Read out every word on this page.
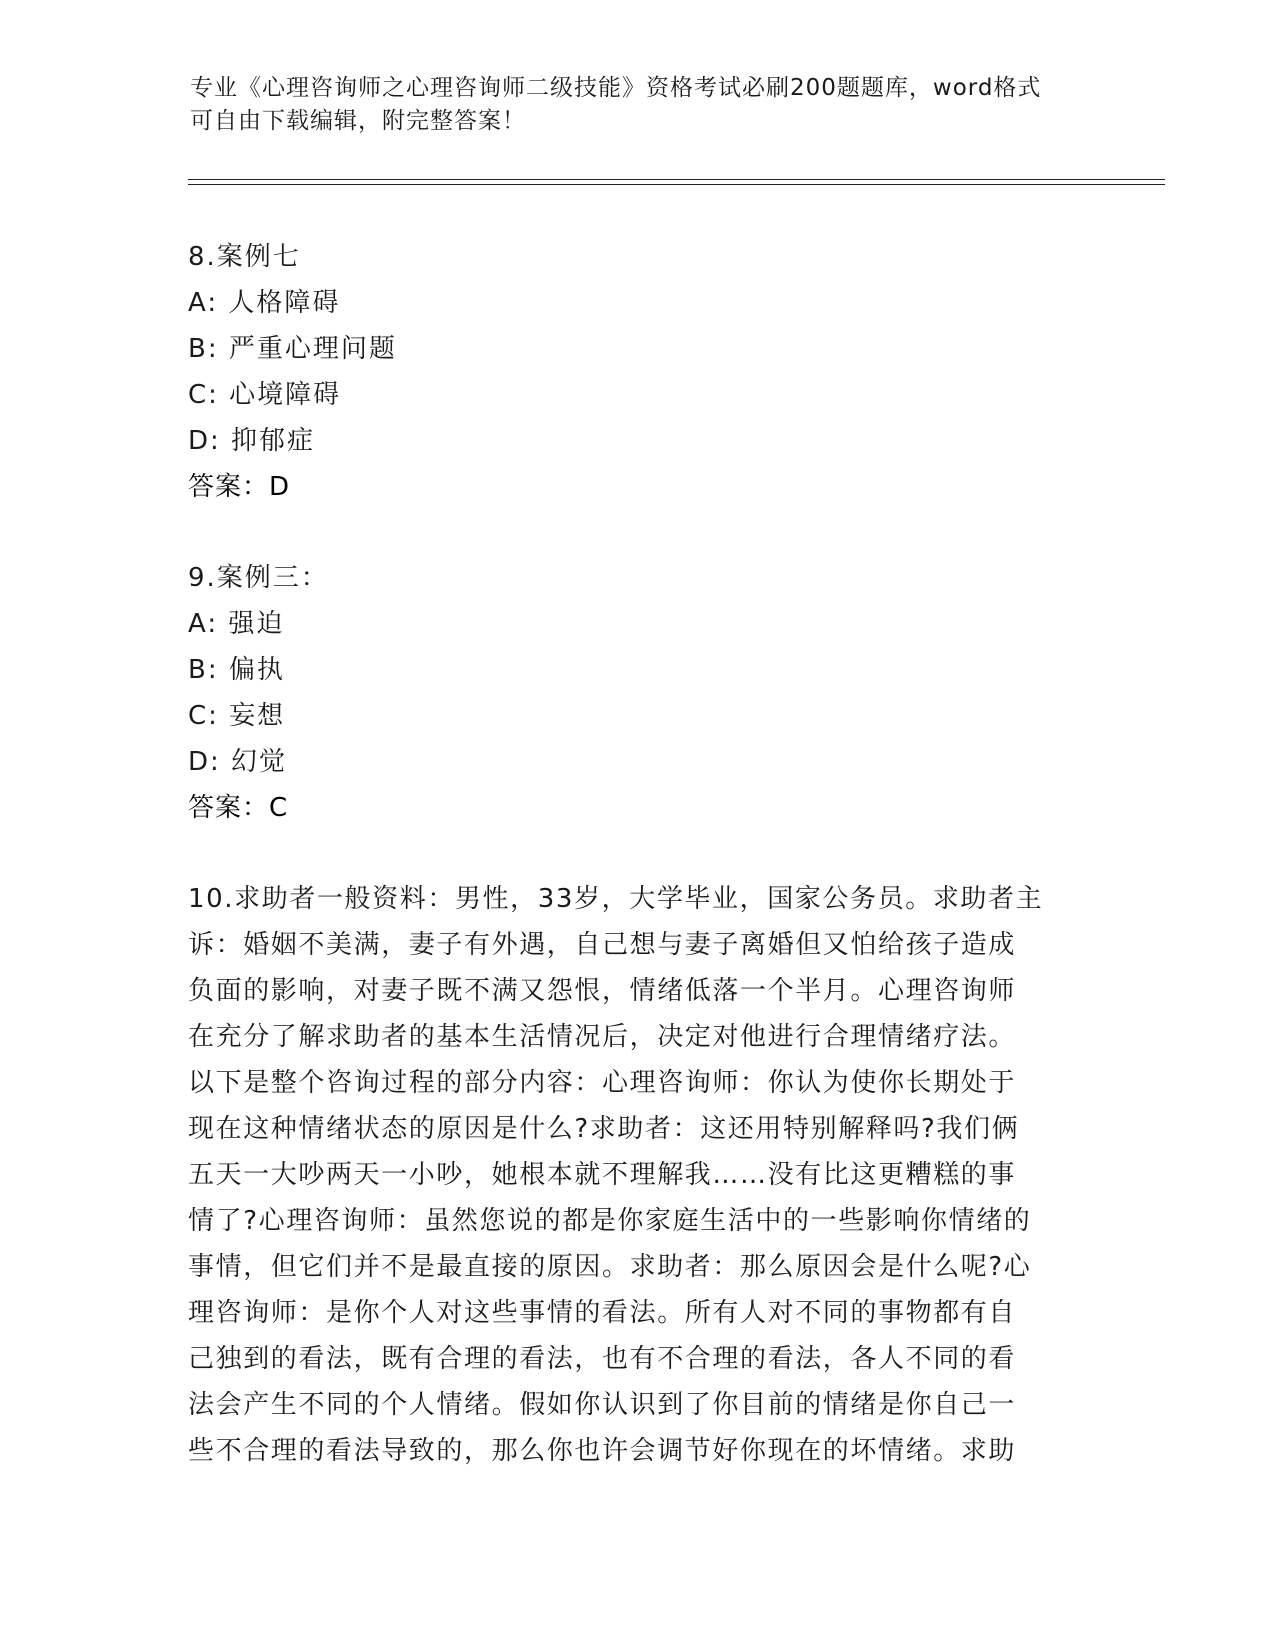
专业《心理咨询师之心理咨询师二级技能》资格考试必刷200题题库，word格式
可自由下载编辑，附完整答案！
8.案例七
A: 人格障碍
B: 严重心理问题
C: 心境障碍
D: 抑郁症
答案：D
9.案例三：
A: 强迫
B: 偏执
C: 妄想
D: 幻觉
答案：C
10.求助者一般资料：男性，33岁，大学毕业，国家公务员。求助者主
诉：婚姻不美满，妻子有外遇，自己想与妻子离婚但又怕给孩子造成
负面的影响，对妻子既不满又怨恨，情绪低落一个半月。心理咨询师
在充分了解求助者的基本生活情况后，决定对他进行合理情绪疗法。
以下是整个咨询过程的部分内容：心理咨询师：你认为使你长期处于
现在这种情绪状态的原因是什么?求助者：这还用特别解释吗?我们俩
五天一大吵两天一小吵，她根本就不理解我……没有比这更糟糕的事
情了?心理咨询师：虽然您说的都是你家庭生活中的一些影响你情绪的
事情，但它们并不是最直接的原因。求助者：那么原因会是什么呢?心
理咨询师：是你个人对这些事情的看法。所有人对不同的事物都有自
己独到的看法，既有合理的看法，也有不合理的看法，各人不同的看
法会产生不同的个人情绪。假如你认识到了你目前的情绪是你自己一
些不合理的看法导致的，那么你也许会调节好你现在的坏情绪。求助
